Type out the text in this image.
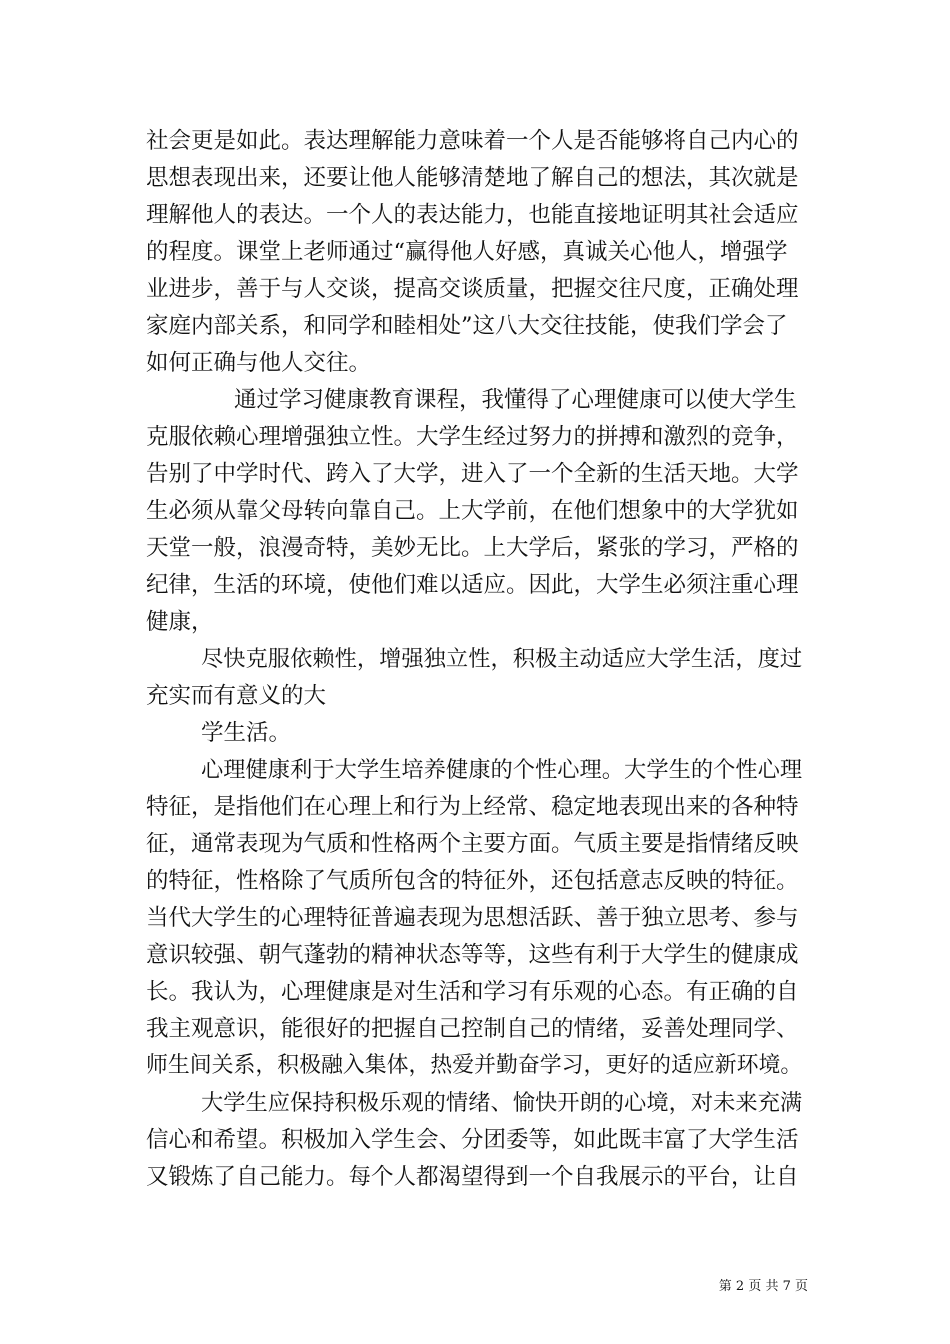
社会更是如此。表达理解能力意味着一个人是否能够将自己内心的
思想表现出来，还要让他人能够清楚地了解自己的想法，其次就是
理解他人的表达。一个人的表达能力，也能直接地证明其社会适应
的程度。课堂上老师通过“赢得他人好感，真诚关心他人，增强学
业进步，善于与人交谈，提高交谈质量，把握交往尺度，正确处理
家庭内部关系，和同学和睦相处”这八大交往技能，使我们学会了
如何正确与他人交往。
通过学习健康教育课程，我懂得了心理健康可以使大学生
克服依赖心理增强独立性。大学生经过努力的拼搏和激烈的竞争，
告别了中学时代、跨入了大学，进入了一个全新的生活天地。大学
生必须从靠父母转向靠自己。上大学前，在他们想象中的大学犹如
天堂一般，浪漫奇特，美妙无比。上大学后，紧张的学习，严格的
纪律，生活的环境，使他们难以适应。因此，大学生必须注重心理
健康，
尽快克服依赖性，增强独立性，积极主动适应大学生活，度过
充实而有意义的大
学生活。
心理健康利于大学生培养健康的个性心理。大学生的个性心理
特征，是指他们在心理上和行为上经常、稳定地表现出来的各种特
征，通常表现为气质和性格两个主要方面。气质主要是指情绪反映
的特征，性格除了气质所包含的特征外，还包括意志反映的特征。
当代大学生的心理特征普遍表现为思想活跃、善于独立思考、参与
意识较强、朝气蓬勃的精神状态等等，这些有利于大学生的健康成
长。我认为，心理健康是对生活和学习有乐观的心态。有正确的自
我主观意识，能很好的把握自己控制自己的情绪，妥善处理同学、
师生间关系，积极融入集体，热爱并勤奋学习，更好的适应新环境。
大学生应保持积极乐观的情绪、愉快开朗的心境，对未来充满
信心和希望。积极加入学生会、分团委等，如此既丰富了大学生活
又锻炼了自己能力。每个人都渴望得到一个自我展示的平台，让自
第 2 页 共 7 页
